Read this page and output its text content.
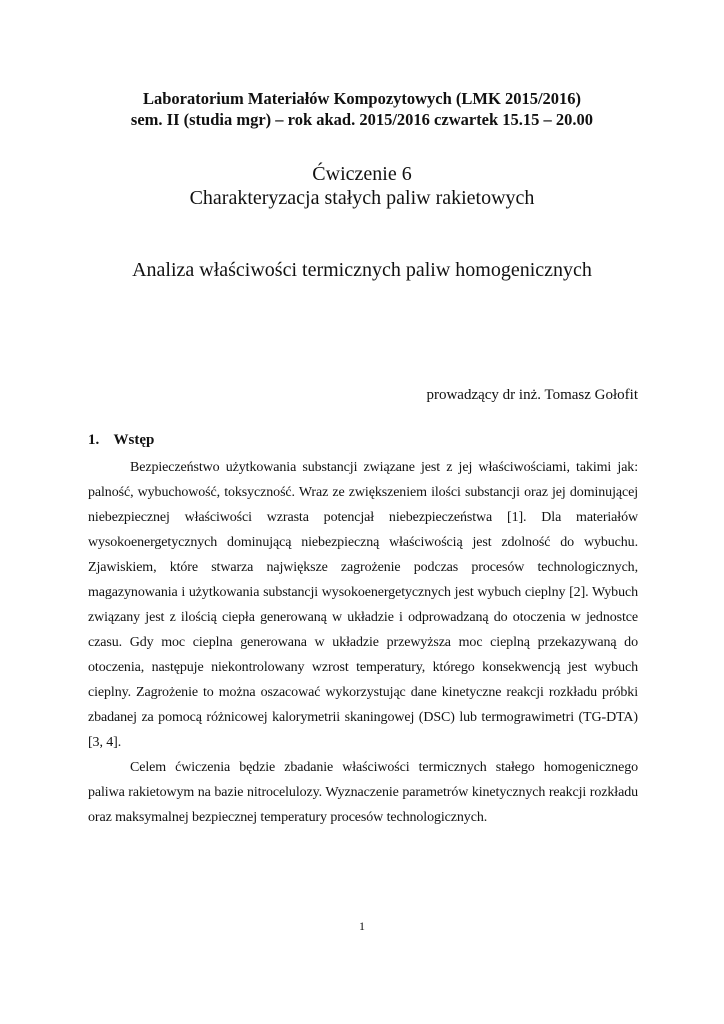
Laboratorium Materiałów Kompozytowych (LMK 2015/2016)
sem. II (studia mgr) – rok akad. 2015/2016 czwartek 15.15 – 20.00
Ćwiczenie 6
Charakteryzacja stałych paliw rakietowych
Analiza właściwości termicznych paliw homogenicznych
prowadzący dr inż. Tomasz Gołofit
1. Wstęp

Bezpieczeństwo użytkowania substancji związane jest z jej właściwościami, takimi jak: palność, wybuchowość, toksyczność. Wraz ze zwiększeniem ilości substancji oraz jej dominującej niebezpiecznej właściwości wzrasta potencjał niebezpieczeństwa [1]. Dla materiałów wysokoenergetycznych dominującą niebezpieczną właściwością jest zdolność do wybuchu. Zjawiskiem, które stwarza największe zagrożenie podczas procesów technologicznych, magazynowania i użytkowania substancji wysokoenergetycznych jest wybuch cieplny [2]. Wybuch związany jest z ilością ciepła generowaną w układzie i odprowadzaną do otoczenia w jednostce czasu. Gdy moc cieplna generowana w układzie przewyższa moc cieplną przekazywaną do otoczenia, następuje niekontrolowany wzrost temperatury, którego konsekwencją jest wybuch cieplny. Zagrożenie to można oszacować wykorzystując dane kinetyczne reakcji rozkładu próbki zbadanej za pomocą różnicowej kalorymetrii skaningowej (DSC) lub termograwimetri (TG-DTA) [3, 4].

Celem ćwiczenia będzie zbadanie właściwości termicznych stałego homogenicznego paliwa rakietowym na bazie nitrocelulozy. Wyznaczenie parametrów kinetycznych reakcji rozkładu oraz maksymalnej bezpiecznej temperatury procesów technologicznych.

1
